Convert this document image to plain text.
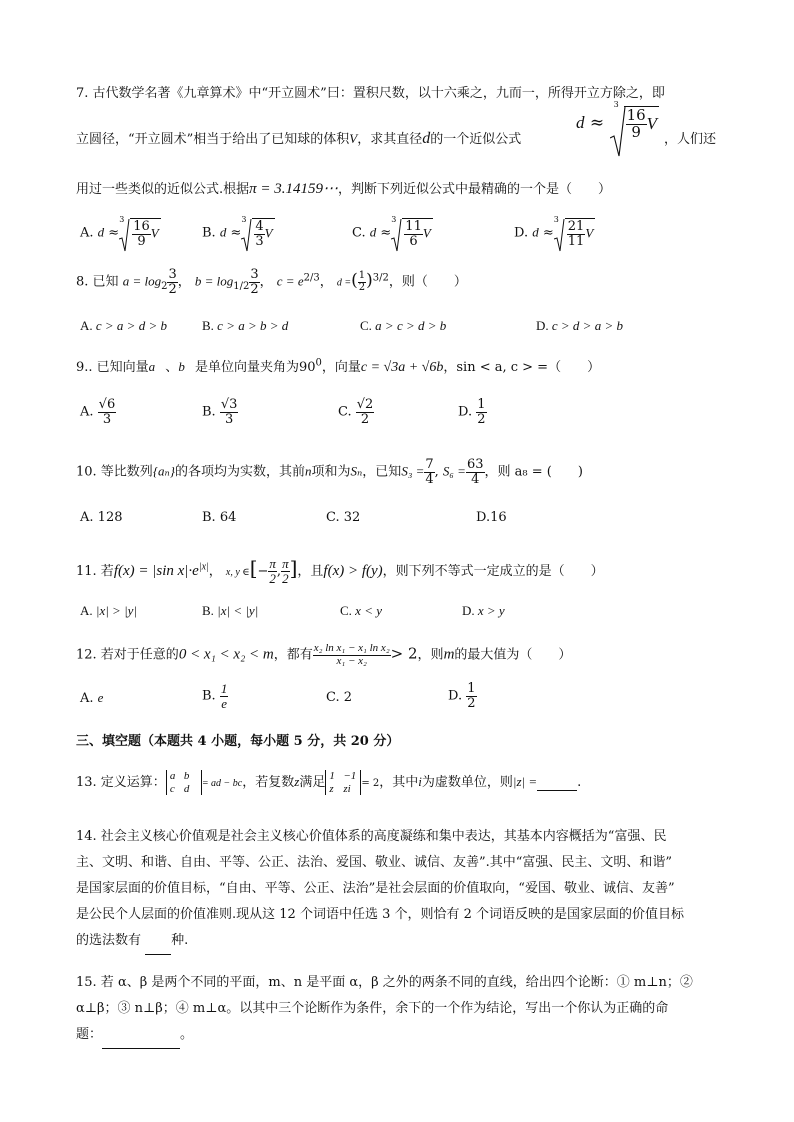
7. 古代数学名著《九章算术》中“开立圆术”曰：置积尺数，以十六乘之，九而一，所得开立方除之，即
立圆径，“开立圆术”相当于给出了已知球的体积V，求其直径d的一个近似公式
d ≈
3
$\frac{16}{9}$ V
，人们还
用过一些类似的近似公式.根据π = 3.14159⋯，判断下列近似公式中最精确的一个是（　　）
A. d ≈
3
$\frac{16}{9}$ V	B. d ≈
3
$\frac{4}{3}$ V	C. d ≈
3
$\frac{11}{6}$ V	D. d ≈
3
$\frac{21}{11}$ V
8. 已知 $a = \log_2 \frac{3}{2}$ ， $b = \log_{1/2} \frac{3}{2}$ ， $c = e^{2/3}$， d =( $\frac{1}{2} )^{3/2}$，则（　　）
A. c > a > d > b	B. c > a > b > d	C. a > c > d > b	D. c > d > a > b
9.. 已知向量a⃗、b⃗是单位向量夹角为$90^0$，向量c = √3a + √6b，sin < a, c > =（　　）
A. $\frac{√6}{3}$	B. $\frac{√3}{3}$	C. $\frac{√2}{2}$	D. $\frac{1}{2}$
10. 等比数列{aₙ}的各项均为实数，其前n项和为Sₙ，已知$S_3 = \frac{7}{4}$ , $S_6 = \frac{63}{4}$ ，则 a₈ = (　　)
A. 128	B. 64	C. 32	D.16
11. 若f(x) = |sin $x|\cdot e^{|x|}$， x, y ∈[− $\frac{\pi}{2}$ , $\frac{\pi}{2}$ ]，且f(x) > f(y)，则下列不等式一定成立的是（　　）
A. |x| > |y|	B. |x| < |y|	C. x < y	D. x > y
12. 若对于任意的0 < x₁ < x₂ < m，都有 $\frac{\text{x₂ ln x₁ − x₁ ln x₂}}{\text{x₁ − x₂}} > 2$，则m的最大值为（　　）
A. e	B. $\frac{1}{e}$	C. 2	D. $\frac{1}{2}$
三、填空题（本题共 4 小题，每小题 5 分，共 20 分）
13. 定义运算： a b
c d = ad − bc，若复数z满足 1 −1
z zi = 2，其中i为虚数单位，则|z| =	.
14. 社会主义核心价值观是社会主义核心价值体系的高度凝练和集中表达，其基本内容概括为“富强、民
主、文明、和谐、自由、平等、公正、法治、爱国、敬业、诚信、友善”.其中“富强、民主、文明、和谐”
是国家层面的价值目标，“自由、平等、公正、法治”是社会层面的价值取向，“爱国、敬业、诚信、友善”
是公民个人层面的价值准则.现从这 12 个词语中任选 3 个，则恰有 2 个词语反映的是国家层面的价值目标
的选法数有 种.
15. 若 α、β 是两个不同的平面，m、n 是平面 α，β 之外的两条不同的直线，给出四个论断：① m⊥n；②
α⊥β；③ n⊥β；④ m⊥α。以其中三个论断作为条件，余下的一个作为结论，写出一个你认为正确的命
题：	。
